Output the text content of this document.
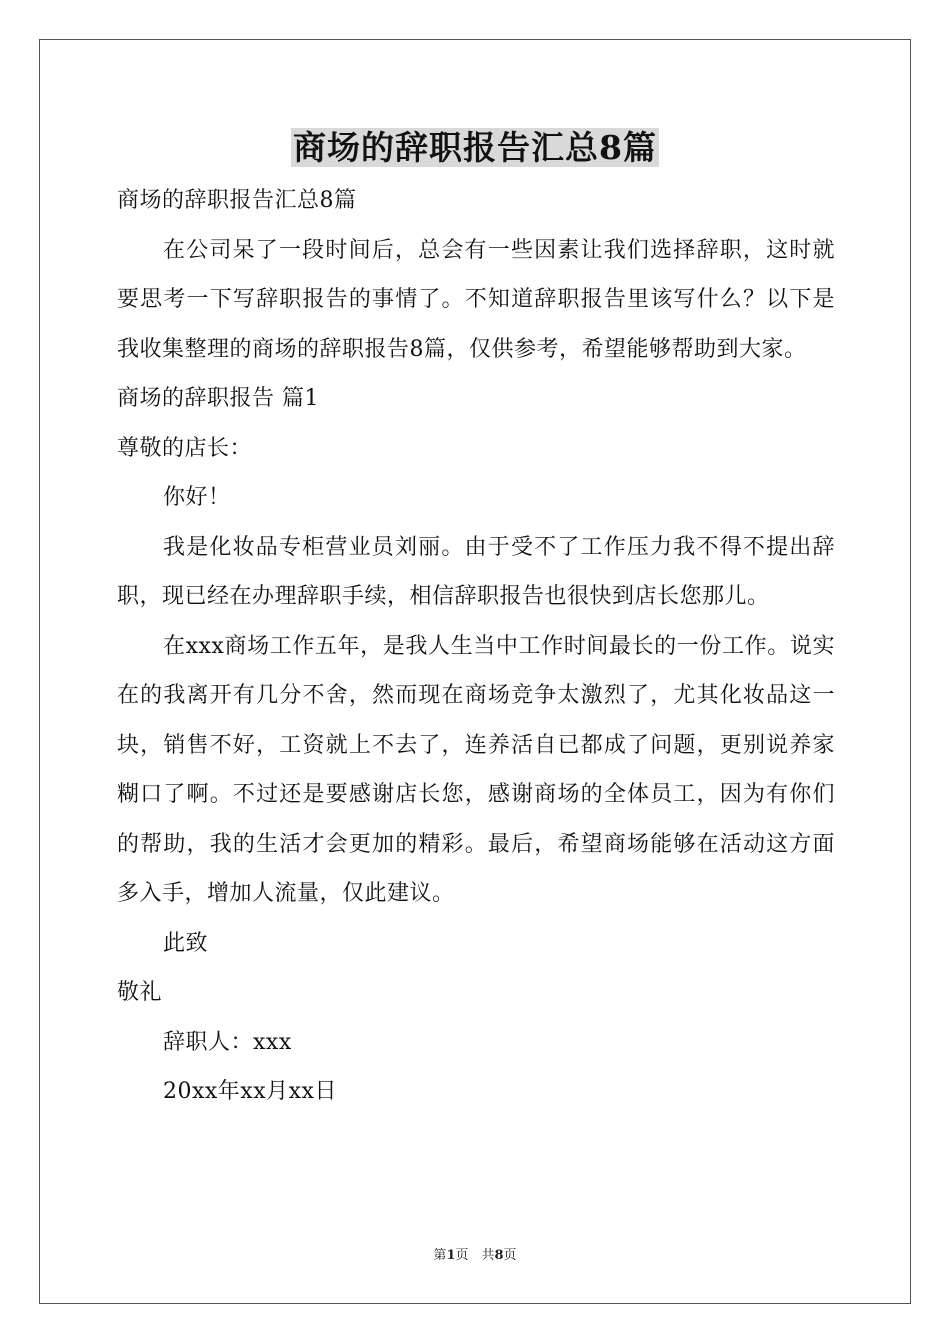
商场的辞职报告汇总8篇

商场的辞职报告汇总8篇

在公司呆了一段时间后，总会有一些因素让我们选择辞职，这时就要思考一下写辞职报告的事情了。不知道辞职报告里该写什么？以下是我收集整理的商场的辞职报告8篇，仅供参考，希望能够帮助到大家。

商场的辞职报告 篇1

尊敬的店长：

你好！

我是化妆品专柜营业员刘丽。由于受不了工作压力我不得不提出辞职，现已经在办理辞职手续，相信辞职报告也很快到店长您那儿。

在xxx商场工作五年，是我人生当中工作时间最长的一份工作。说实在的我离开有几分不舍，然而现在商场竞争太激烈了，尤其化妆品这一块，销售不好，工资就上不去了，连养活自已都成了问题，更别说养家糊口了啊。不过还是要感谢店长您，感谢商场的全体员工，因为有你们的帮助，我的生活才会更加的精彩。最后，希望商场能够在活动这方面多入手，增加人流量，仅此建议。

此致

敬礼

辞职人：xxx

20xx年xx月xx日

第1页　共8页
